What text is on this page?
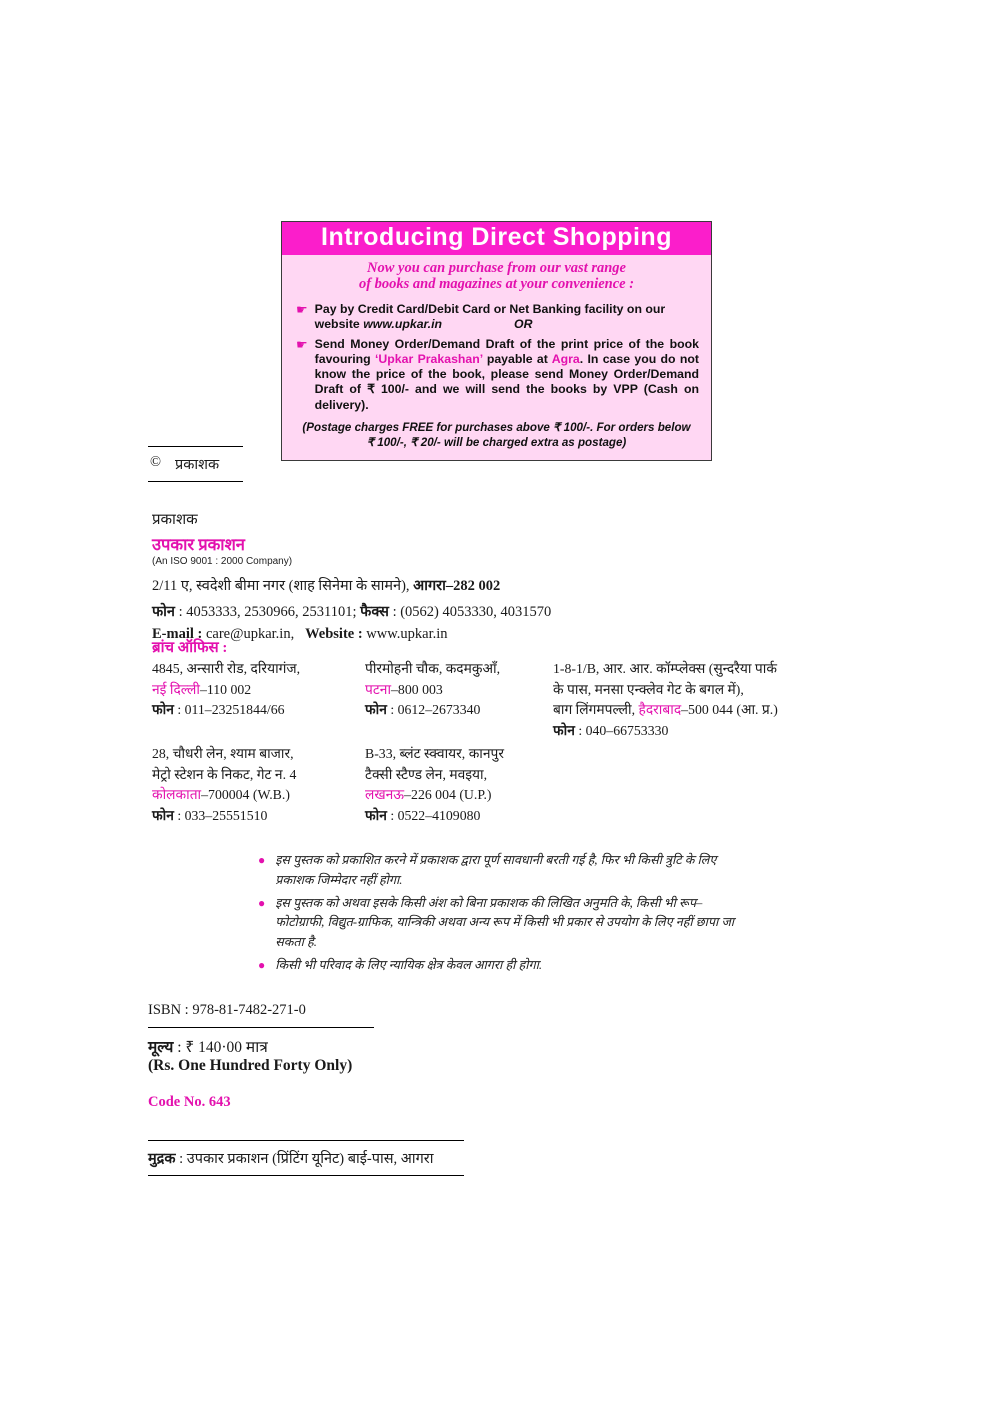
Introducing Direct Shopping
Now you can purchase from our vast range
of books and magazines at your convenience :
☛ Pay by Credit Card/Debit Card or Net Banking facility on our
website www.upkar.in	OR
☛ Send Money Order/Demand Draft of the print price of the book favouring ‘Upkar Prakashan’ payable at Agra. In case you do not know the price of the book, please send Money Order/Demand Draft of ₹ 100/- and we will send the books by VPP (Cash on delivery).
(Postage charges FREE for purchases above ₹ 100/-. For orders below
₹ 100/-, ₹ 20/- will be charged extra as postage)
© प्रकाशक
प्रकाशक
उपकार प्रकाशन
(An ISO 9001 : 2000 Company)
2/11 ए, स्वदेशी बीमा नगर (शाह सिनेमा के सामने), आगरा–282 002
फोन : 4053333, 2530966, 2531101; फैक्स : (0562) 4053330, 4031570
E-mail : care@upkar.in, Website : www.upkar.in
ब्रांच ऑफिस :
4845, अन्सारी रोड, दरियागंज,
नई दिल्ली–110 002
फोन : 011–23251844/66
पीरमोहनी चौक, कदमकुआँ,
पटना–800 003
फोन : 0612–2673340
1-8-1/B, आर. आर. कॉम्प्लेक्स (सुन्दरैया पार्क
के पास, मनसा एन्क्लेव गेट के बगल में),
बाग लिंगमपल्ली, हैदराबाद–500 044 (आ. प्र.)
फोन : 040–66753330
28, चौधरी लेन, श्याम बाजार,
मेट्रो स्टेशन के निकट, गेट न. 4
कोलकाता–700004 (W.B.)
फोन : 033–25551510
B-33, ब्लंट स्क्वायर, कानपुर
टैक्सी स्टैण्ड लेन, मवइया,
लखनऊ–226 004 (U.P.)
फोन : 0522–4109080
● इस पुस्तक को प्रकाशित करने में प्रकाशक द्वारा पूर्ण सावधानी बरती गई है, फिर भी किसी त्रुटि के लिए प्रकाशक जिम्मेदार नहीं होगा.
● इस पुस्तक को अथवा इसके किसी अंश को बिना प्रकाशक की लिखित अनुमति के, किसी भी रूप–फोटोग्राफी, विद्युत-ग्राफिक, यान्त्रिकी अथवा अन्य रूप में किसी भी प्रकार से उपयोग के लिए नहीं छापा जा सकता है.
● किसी भी परिवाद के लिए न्यायिक क्षेत्र केवल आगरा ही होगा.
ISBN : 978-81-7482-271-0
मूल्य : ₹ 140·00 मात्र
(Rs. One Hundred Forty Only)
Code No. 643
मुद्रक : उपकार प्रकाशन (प्रिंटिंग यूनिट) बाई-पास, आगरा
